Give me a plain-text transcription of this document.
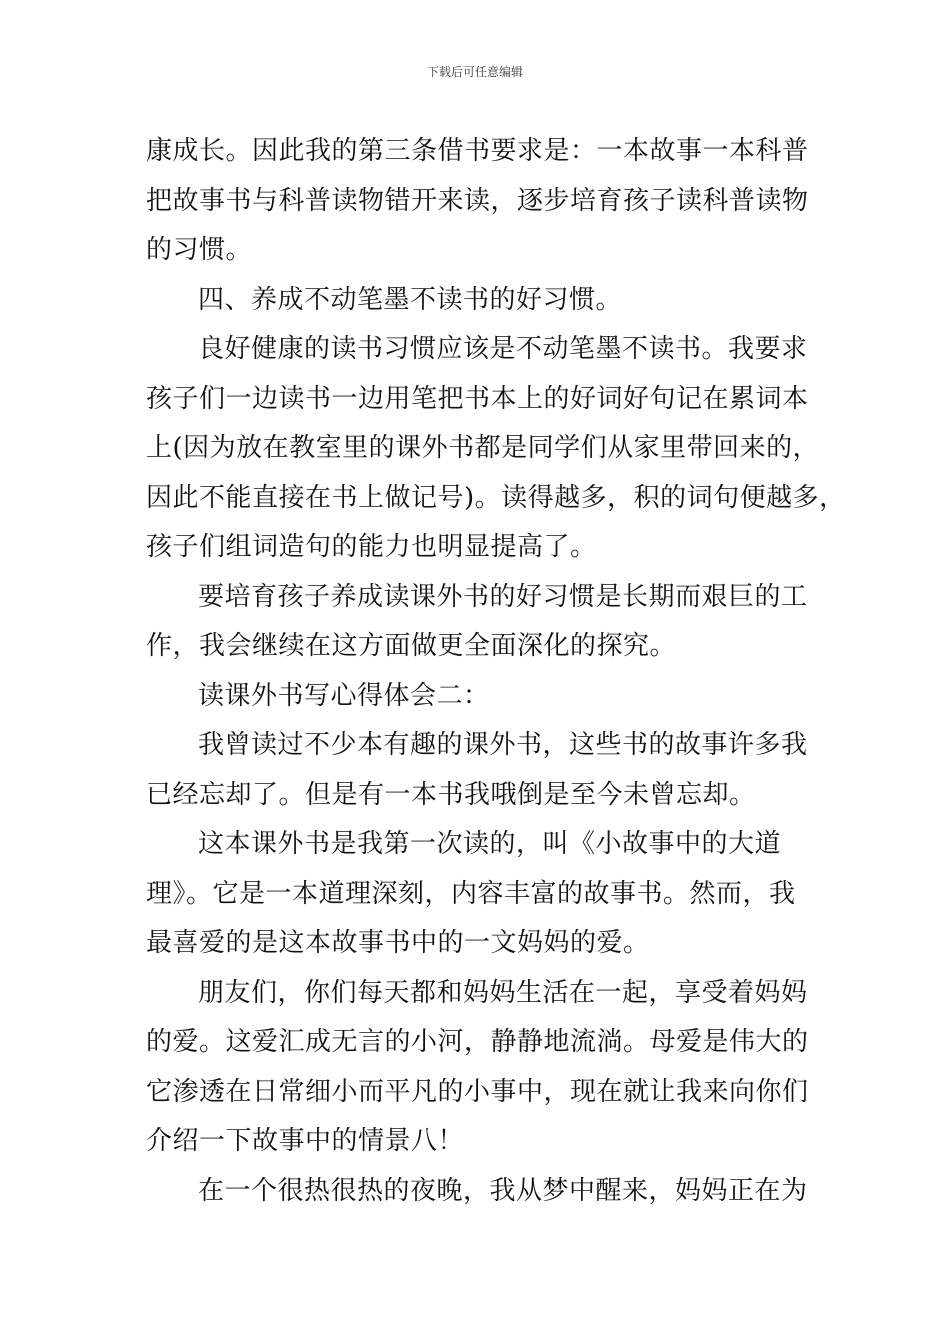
下载后可任意编辑
康成长。因此我的第三条借书要求是：一本故事一本科普
把故事书与科普读物错开来读，逐步培育孩子读科普读物
的习惯。
四、养成不动笔墨不读书的好习惯。
良好健康的读书习惯应该是不动笔墨不读书。我要求
孩子们一边读书一边用笔把书本上的好词好句记在累词本
上(因为放在教室里的课外书都是同学们从家里带回来的，
因此不能直接在书上做记号)。读得越多，积的词句便越多，
孩子们组词造句的能力也明显提高了。
要培育孩子养成读课外书的好习惯是长期而艰巨的工
作，我会继续在这方面做更全面深化的探究。
读课外书写心得体会二：
我曾读过不少本有趣的课外书，这些书的故事许多我
已经忘却了。但是有一本书我哦倒是至今未曾忘却。
这本课外书是我第一次读的，叫《小故事中的大道
理》。它是一本道理深刻，内容丰富的故事书。然而，我
最喜爱的是这本故事书中的一文妈妈的爱。
朋友们，你们每天都和妈妈生活在一起，享受着妈妈
的爱。这爱汇成无言的小河，静静地流淌。母爱是伟大的
它渗透在日常细小而平凡的小事中，现在就让我来向你们
介绍一下故事中的情景八！
在一个很热很热的夜晚，我从梦中醒来，妈妈正在为
